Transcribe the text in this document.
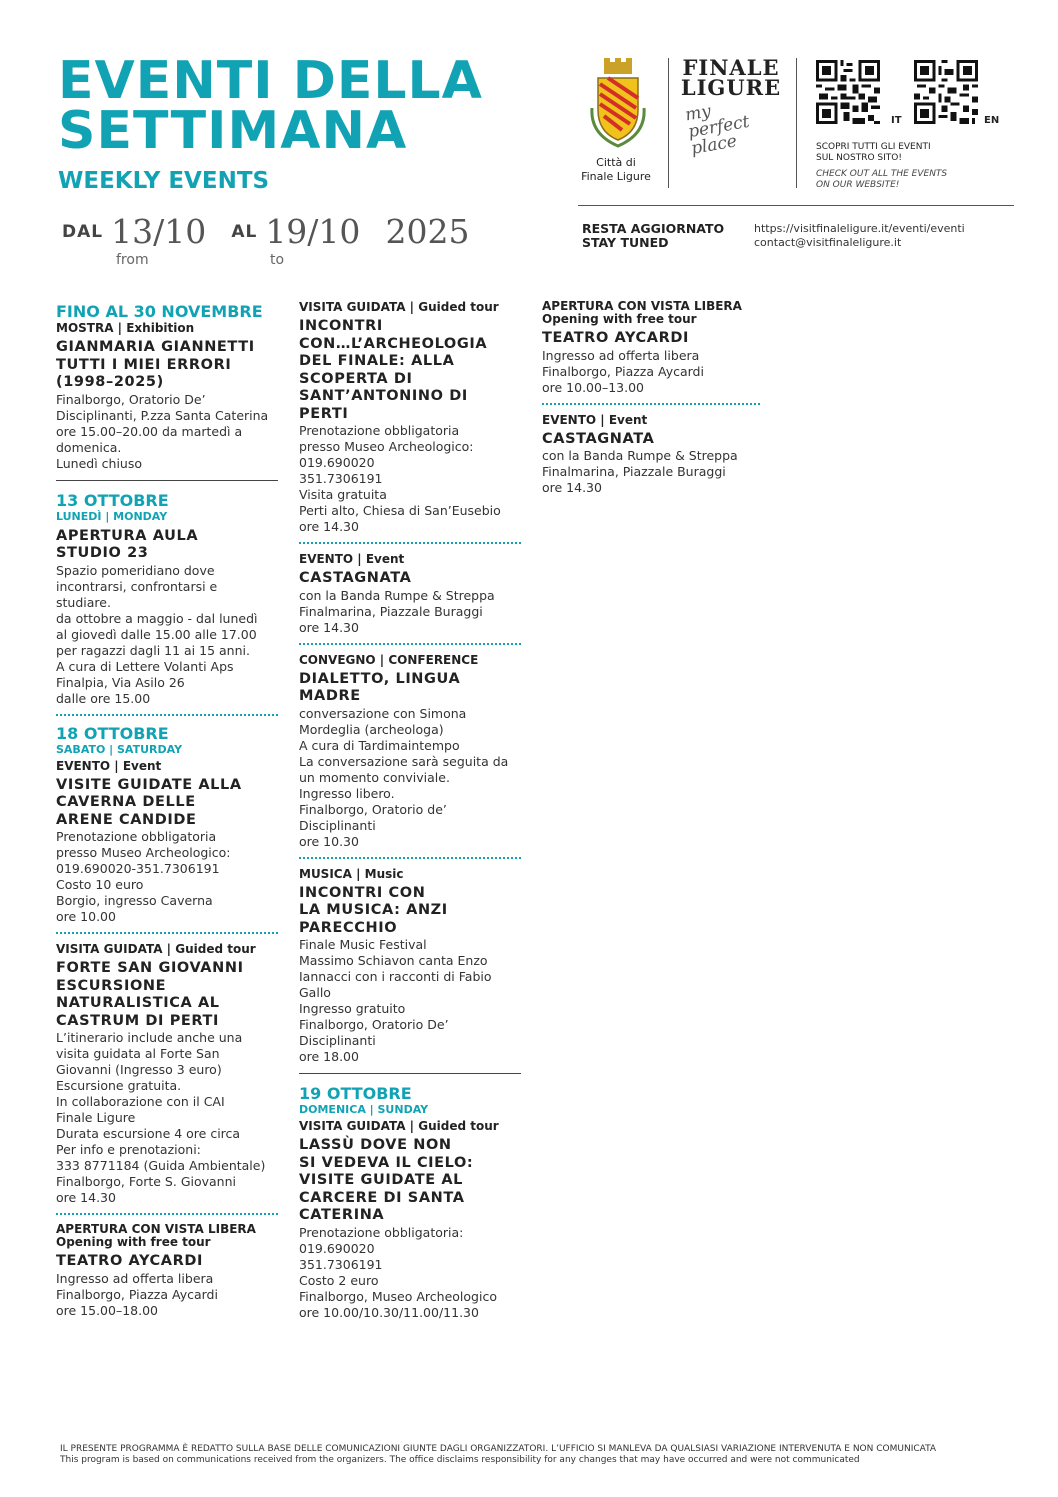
EVENTI DELLA
SETTIMANA
WEEKLY EVENTS
DAL 13/10 AL 19/10 2025
from	to
Città di
Finale Ligure
FINALE
LIGURE
my
perfect
place
IT	EN
SCOPRI TUTTI GLI EVENTI
SUL NOSTRO SITO!
CHECK OUT ALL THE EVENTS
ON OUR WEBSITE!
RESTA AGGIORNATO
STAY TUNED
https://visitfinaleligure.it/eventi/eventi
contact@visitfinaleligure.it
FINO AL 30 NOVEMBRE
MOSTRA | Exhibition
GIANMARIA GIANNETTI
TUTTI I MIEI ERRORI
(1998–2025)
Finalborgo, Oratorio De’
Disciplinanti, P.zza Santa Caterina
ore 15.00–20.00 da martedì a
domenica.
Lunedì chiuso
13 OTTOBRE
LUNEDÌ | MONDAY
APERTURA AULA
STUDIO 23
Spazio pomeridiano dove
incontrarsi, confrontarsi e
studiare.
da ottobre a maggio - dal lunedì
al giovedì dalle 15.00 alle 17.00
per ragazzi dagli 11 ai 15 anni.
A cura di Lettere Volanti Aps
Finalpia, Via Asilo 26
dalle ore 15.00
18 OTTOBRE
SABATO | SATURDAY
EVENTO | Event
VISITE GUIDATE ALLA
CAVERNA DELLE
ARENE CANDIDE
Prenotazione obbligatoria
presso Museo Archeologico:
019.690020-351.7306191
Costo 10 euro
Borgio, ingresso Caverna
ore 10.00
VISITA GUIDATA | Guided tour
FORTE SAN GIOVANNI
ESCURSIONE
NATURALISTICA AL
CASTRUM DI PERTI
L’itinerario include anche una
visita guidata al Forte San
Giovanni (Ingresso 3 euro)
Escursione gratuita.
In collaborazione con il CAI
Finale Ligure
Durata escursione 4 ore circa
Per info e prenotazioni:
333 8771184 (Guida Ambientale)
Finalborgo, Forte S. Giovanni
ore 14.30
APERTURA CON VISTA LIBERA
Opening with free tour
TEATRO AYCARDI
Ingresso ad offerta libera
Finalborgo, Piazza Aycardi
ore 15.00–18.00
VISITA GUIDATA | Guided tour
INCONTRI
CON…L’ARCHEOLOGIA
DEL FINALE: ALLA
SCOPERTA DI
SANT’ANTONINO DI
PERTI
Prenotazione obbligatoria
presso Museo Archeologico:
019.690020
351.7306191
Visita gratuita
Perti alto, Chiesa di San’Eusebio
ore 14.30
EVENTO | Event
CASTAGNATA
con la Banda Rumpe & Streppa
Finalmarina, Piazzale Buraggi
ore 14.30
CONVEGNO | CONFERENCE
DIALETTO, LINGUA
MADRE
conversazione con Simona
Mordeglia (archeologa)
A cura di Tardimaintempo
La conversazione sarà seguita da
un momento conviviale.
Ingresso libero.
Finalborgo, Oratorio de’
Disciplinanti
ore 10.30
MUSICA | Music
INCONTRI CON
LA MUSICA: ANZI
PARECCHIO
Finale Music Festival
Massimo Schiavon canta Enzo
Iannacci con i racconti di Fabio
Gallo
Ingresso gratuito
Finalborgo, Oratorio De’
Disciplinanti
ore 18.00
19 OTTOBRE
DOMENICA | SUNDAY
VISITA GUIDATA | Guided tour
LASSÙ DOVE NON
SI VEDEVA IL CIELO:
VISITE GUIDATE AL
CARCERE DI SANTA
CATERINA
Prenotazione obbligatoria:
019.690020
351.7306191
Costo 2 euro
Finalborgo, Museo Archeologico
ore 10.00/10.30/11.00/11.30
APERTURA CON VISTA LIBERA
Opening with free tour
TEATRO AYCARDI
Ingresso ad offerta libera
Finalborgo, Piazza Aycardi
ore 10.00–13.00
EVENTO | Event
CASTAGNATA
con la Banda Rumpe & Streppa
Finalmarina, Piazzale Buraggi
ore 14.30
IL PRESENTE PROGRAMMA È REDATTO SULLA BASE DELLE COMUNICAZIONI GIUNTE DAGLI ORGANIZZATORI. L’UFFICIO SI MANLEVA DA QUALSIASI VARIAZIONE INTERVENUTA E NON COMUNICATA
This program is based on communications received from the organizers. The office disclaims responsibility for any changes that may have occurred and were not communicated
